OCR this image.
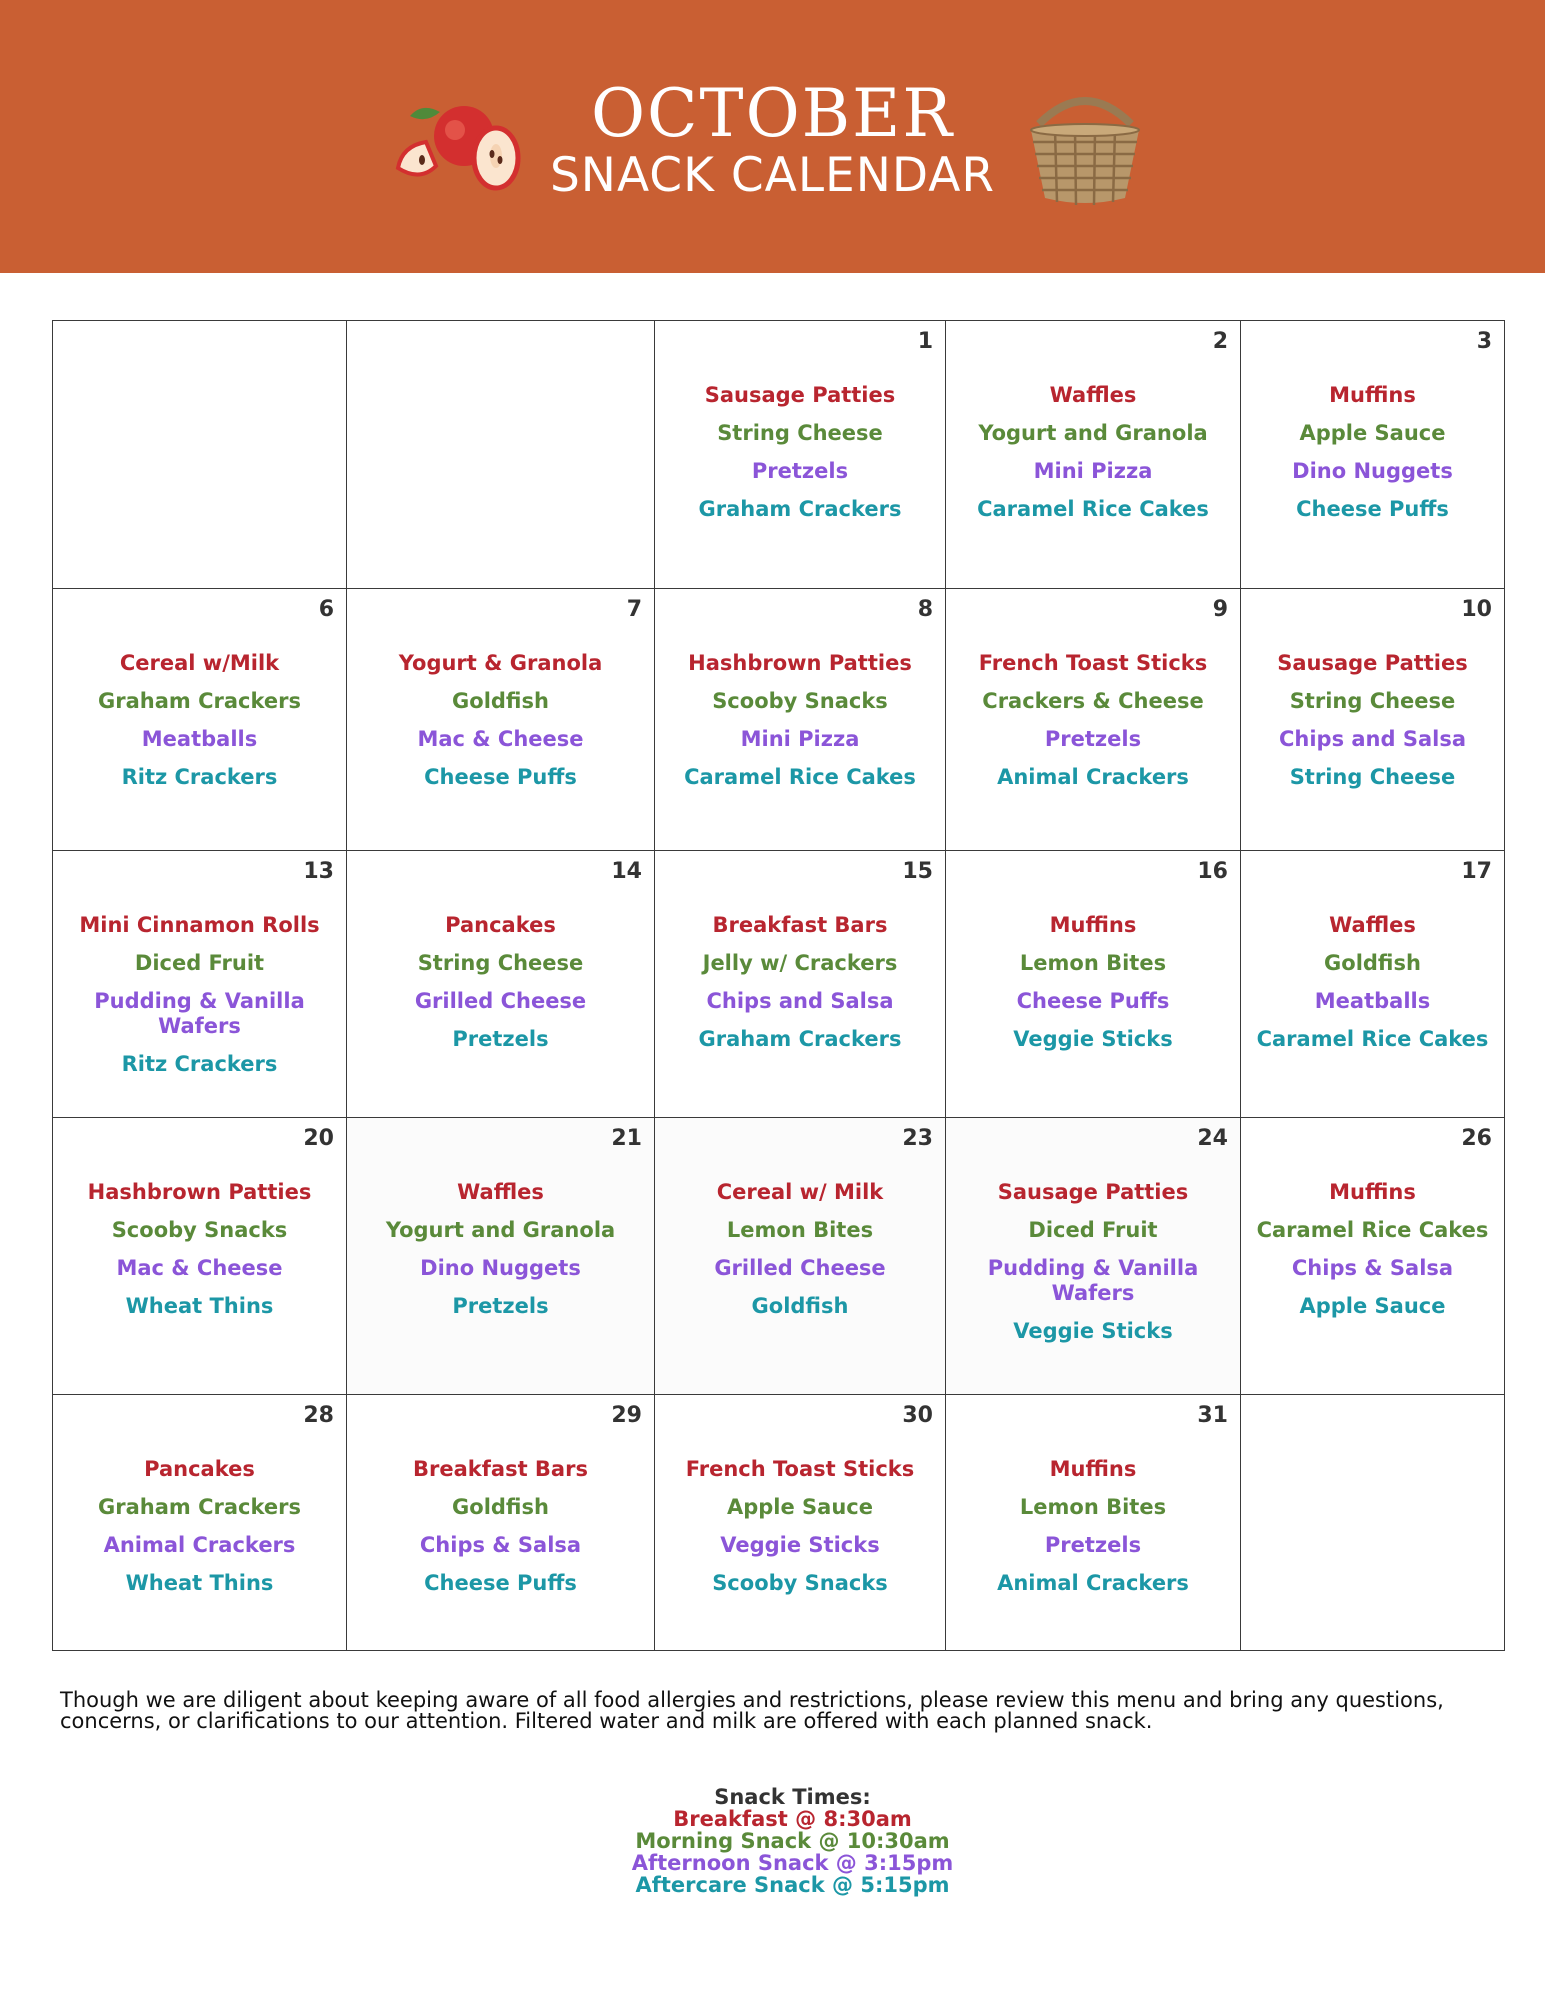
OCTOBER
SNACK CALENDAR
1
Sausage Patties
String Cheese
Pretzels
Graham Crackers
2
Waffles
Yogurt and Granola
Mini Pizza
Caramel Rice Cakes
3
Muffins
Apple Sauce
Dino Nuggets
Cheese Puffs
6
Cereal w/Milk
Graham Crackers
Meatballs
Ritz Crackers
7
Yogurt & Granola
Goldfish
Mac & Cheese
Cheese Puffs
8
Hashbrown Patties
Scooby Snacks
Mini Pizza
Caramel Rice Cakes
9
French Toast Sticks
Crackers & Cheese
Pretzels
Animal Crackers
10
Sausage Patties
String Cheese
Chips and Salsa
String Cheese
13
Mini Cinnamon Rolls
Diced Fruit
Pudding & Vanilla Wafers
Ritz Crackers
14
Pancakes
String Cheese
Grilled Cheese
Pretzels
15
Breakfast Bars
Jelly w/ Crackers
Chips and Salsa
Graham Crackers
16
Muffins
Lemon Bites
Cheese Puffs
Veggie Sticks
17
Waffles
Goldfish
Meatballs
Caramel Rice Cakes
20
Hashbrown Patties
Scooby Snacks
Mac & Cheese
Wheat Thins
21
Waffles
Yogurt and Granola
Dino Nuggets
Pretzels
23
Cereal w/ Milk
Lemon Bites
Grilled Cheese
Goldfish
24
Sausage Patties
Diced Fruit
Pudding & Vanilla Wafers
Veggie Sticks
26
Muffins
Caramel Rice Cakes
Chips & Salsa
Apple Sauce
28
Pancakes
Graham Crackers
Animal Crackers
Wheat Thins
29
Breakfast Bars
Goldfish
Chips & Salsa
Cheese Puffs
30
French Toast Sticks
Apple Sauce
Veggie Sticks
Scooby Snacks
31
Muffins
Lemon Bites
Pretzels
Animal Crackers
Though we are diligent about keeping aware of all food allergies and restrictions, please review this menu and bring any questions, concerns, or clarifications to our attention. Filtered water and milk are offered with each planned snack.
Snack Times:
Breakfast @ 8:30am
Morning Snack @ 10:30am
Afternoon Snack @ 3:15pm
Aftercare Snack @ 5:15pm
